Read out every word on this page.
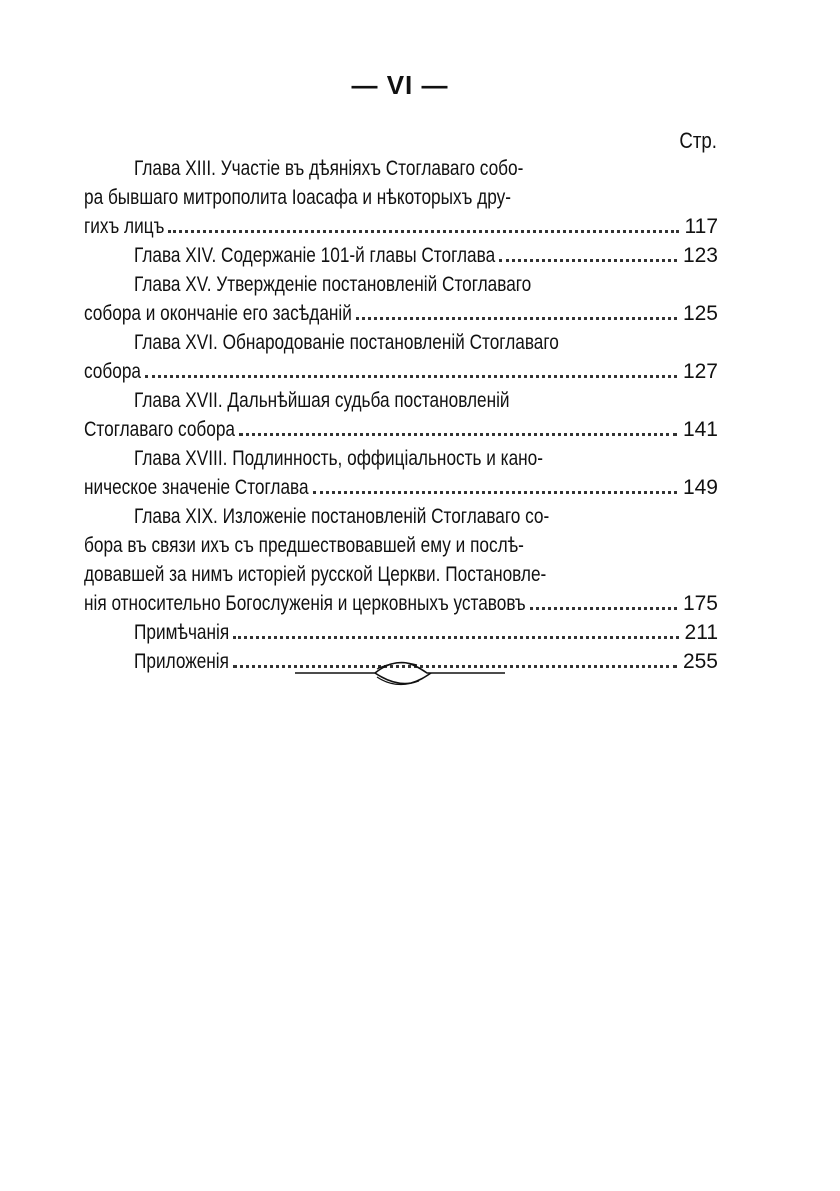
— VI —
Стр.
Глава XIII. Участіе въ дѣяніяхъ Стоглаваго собо-
ра бывшаго митрополита Іоасафа и нѣкоторыхъ дру-
гихъ лицъ	117
Глава XIV. Содержаніе 101-й главы Стоглава	123
Глава XV. Утвержденіе постановленій Стоглаваго
собора и окончаніе его засѣданій	125
Глава XVI. Обнародованіе постановленій Стоглаваго
собора	127
Глава XVII. Дальнѣйшая судьба постановленій
Стоглаваго собора	141
Глава XVIII. Подлинность, оффиціальность и кано-
ническое значеніе Стоглава	149
Глава XIX. Изложеніе постановленій Стоглаваго со-
бора въ связи ихъ съ предшествовавшей ему и послѣ-
довавшей за нимъ исторіей русской Церкви. Постановле-
нія относительно Богослуженія и церковныхъ уставовъ	175
Примѣчанія	211
Приложенія	255
